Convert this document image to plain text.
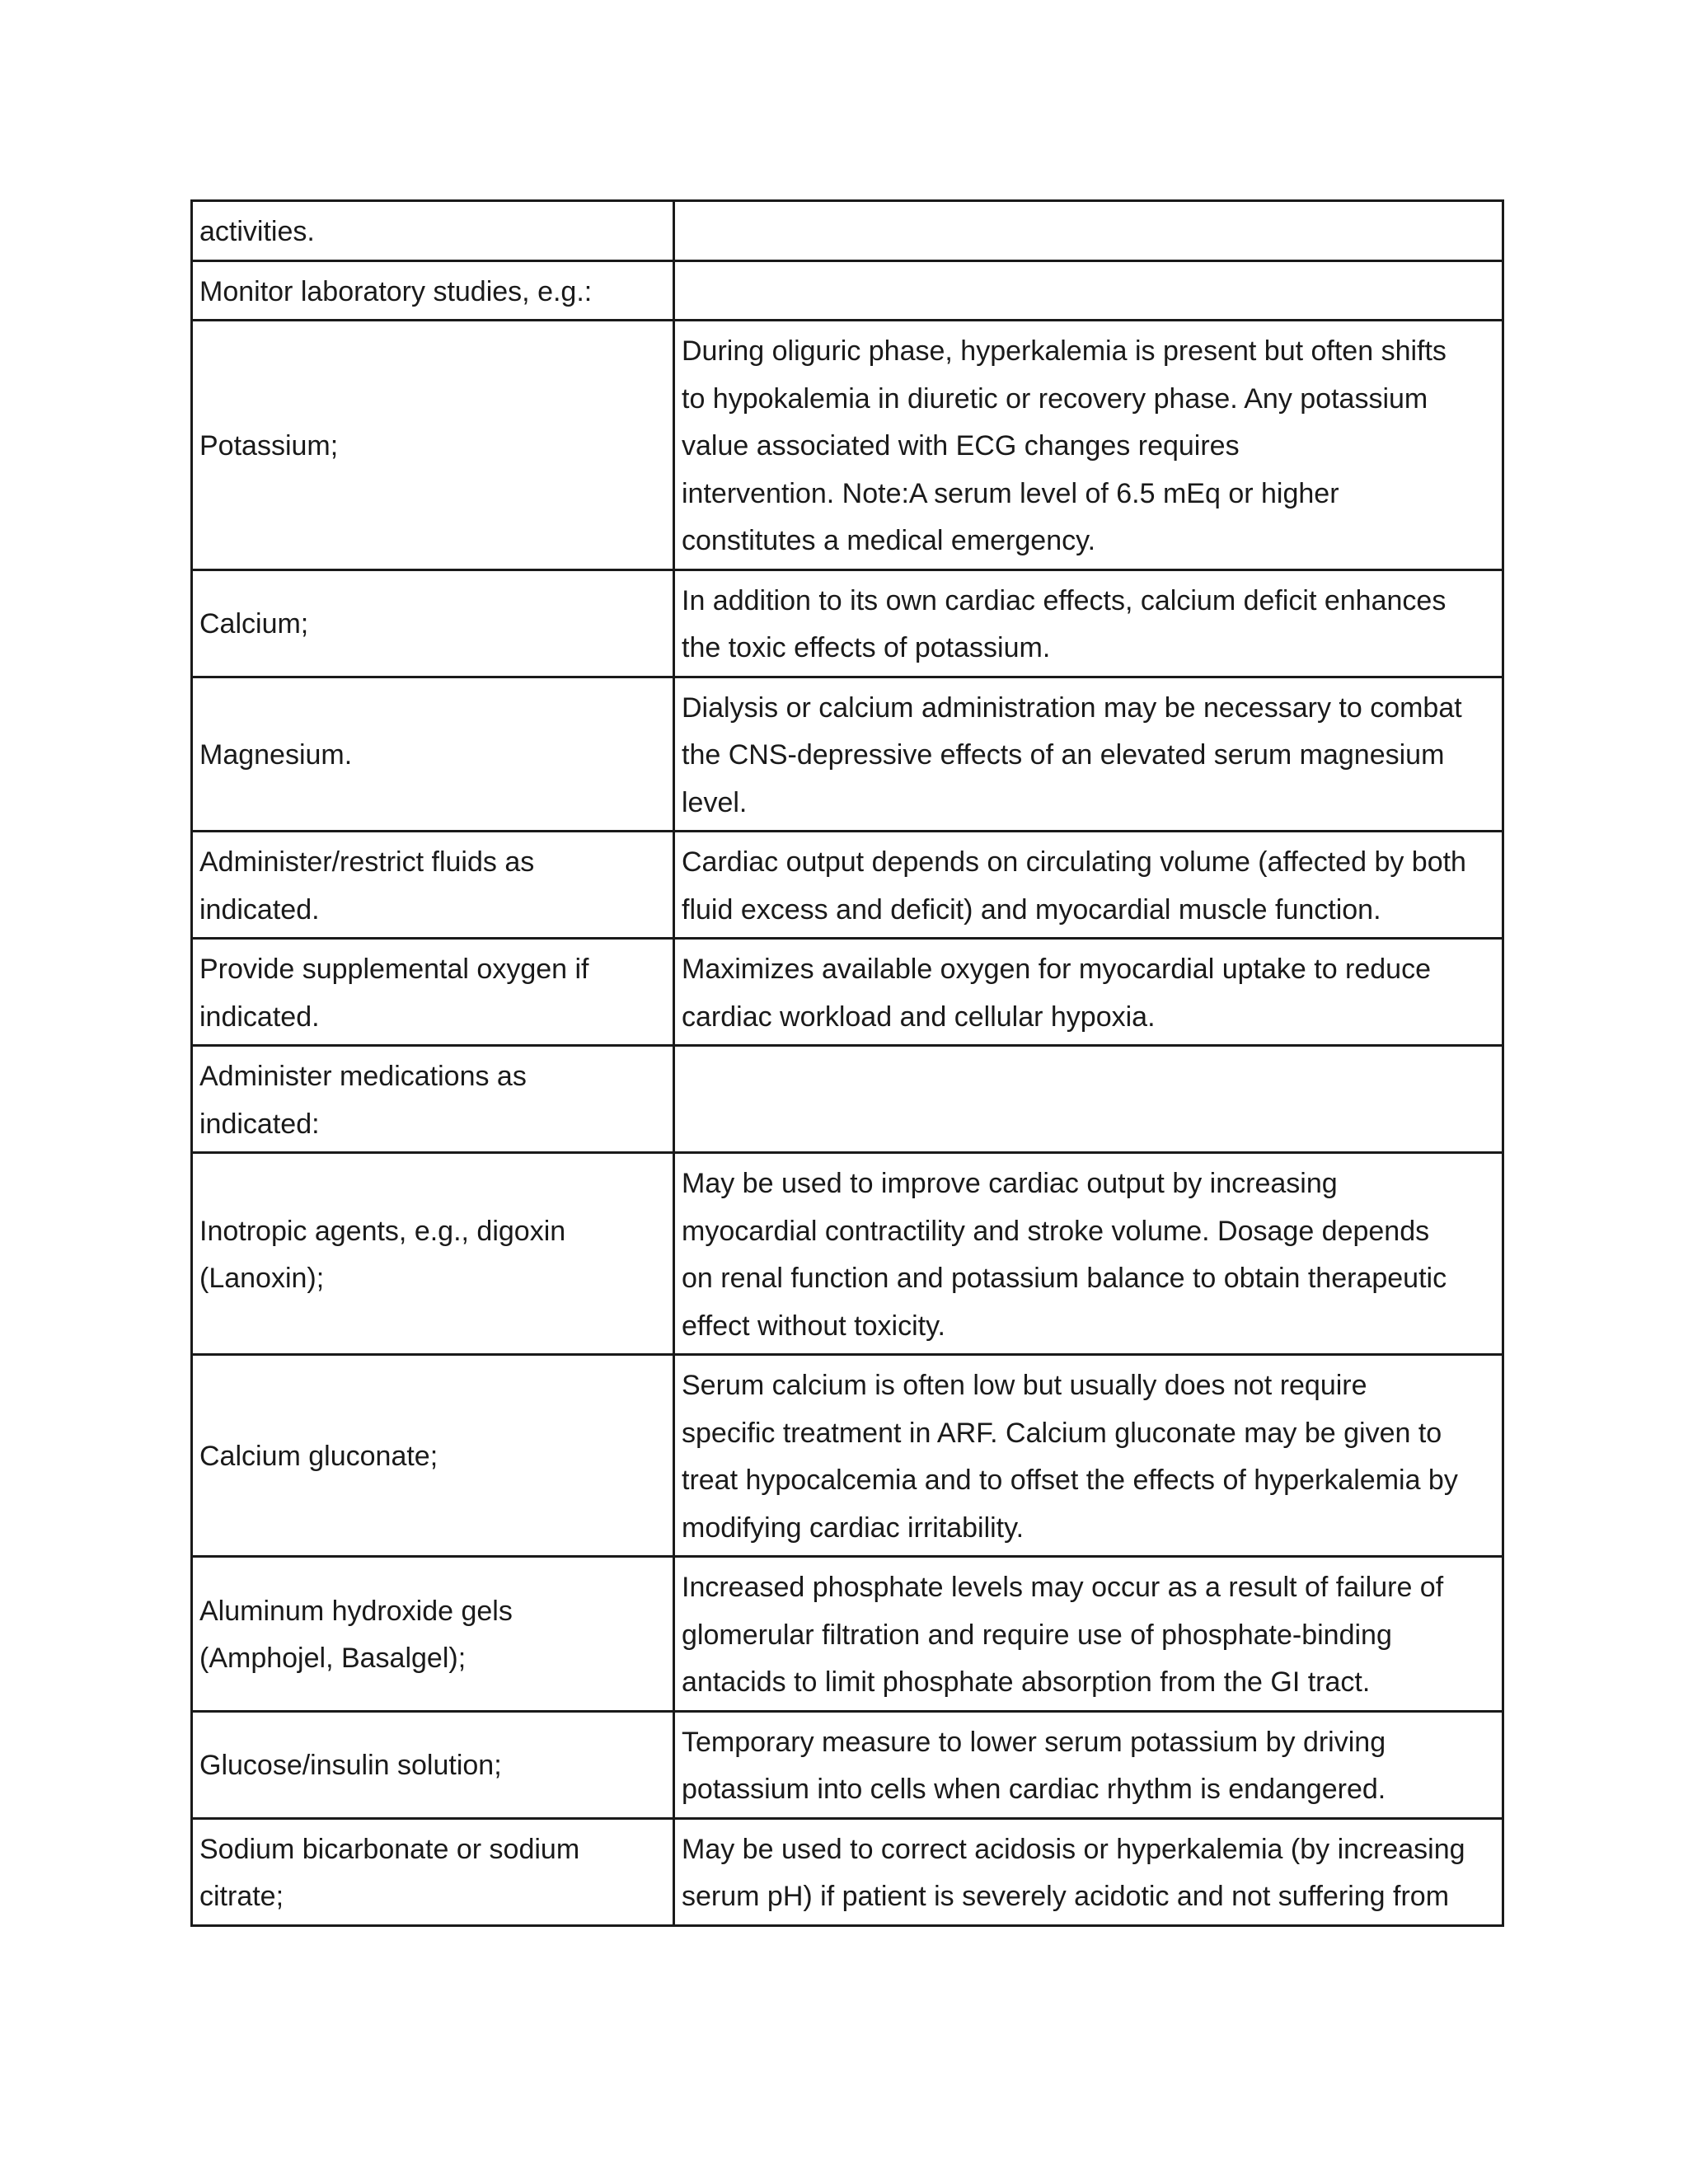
activities.	

Monitor laboratory studies, e.g.:	

Potassium;	During oliguric phase, hyperkalemia is present but often shifts
to hypokalemia in diuretic or recovery phase. Any potassium
value associated with ECG changes requires
intervention. Note:A serum level of 6.5 mEq or higher
constitutes a medical emergency.

Calcium;	In addition to its own cardiac effects, calcium deficit enhances
the toxic effects of potassium.

Magnesium.	Dialysis or calcium administration may be necessary to combat
the CNS-depressive effects of an elevated serum magnesium
level.

Administer/restrict fluids as
indicated.	Cardiac output depends on circulating volume (affected by both
fluid excess and deficit) and myocardial muscle function.

Provide supplemental oxygen if
indicated.	Maximizes available oxygen for myocardial uptake to reduce
cardiac workload and cellular hypoxia.

Administer medications as
indicated:	

Inotropic agents, e.g., digoxin
(Lanoxin);	May be used to improve cardiac output by increasing
myocardial contractility and stroke volume. Dosage depends
on renal function and potassium balance to obtain therapeutic
effect without toxicity.

Calcium gluconate;	Serum calcium is often low but usually does not require
specific treatment in ARF. Calcium gluconate may be given to
treat hypocalcemia and to offset the effects of hyperkalemia by
modifying cardiac irritability.

Aluminum hydroxide gels
(Amphojel, Basalgel);	Increased phosphate levels may occur as a result of failure of
glomerular filtration and require use of phosphate-binding
antacids to limit phosphate absorption from the GI tract.

Glucose/insulin solution;	Temporary measure to lower serum potassium by driving
potassium into cells when cardiac rhythm is endangered.

Sodium bicarbonate or sodium
citrate;	May be used to correct acidosis or hyperkalemia (by increasing
serum pH) if patient is severely acidotic and not suffering from
